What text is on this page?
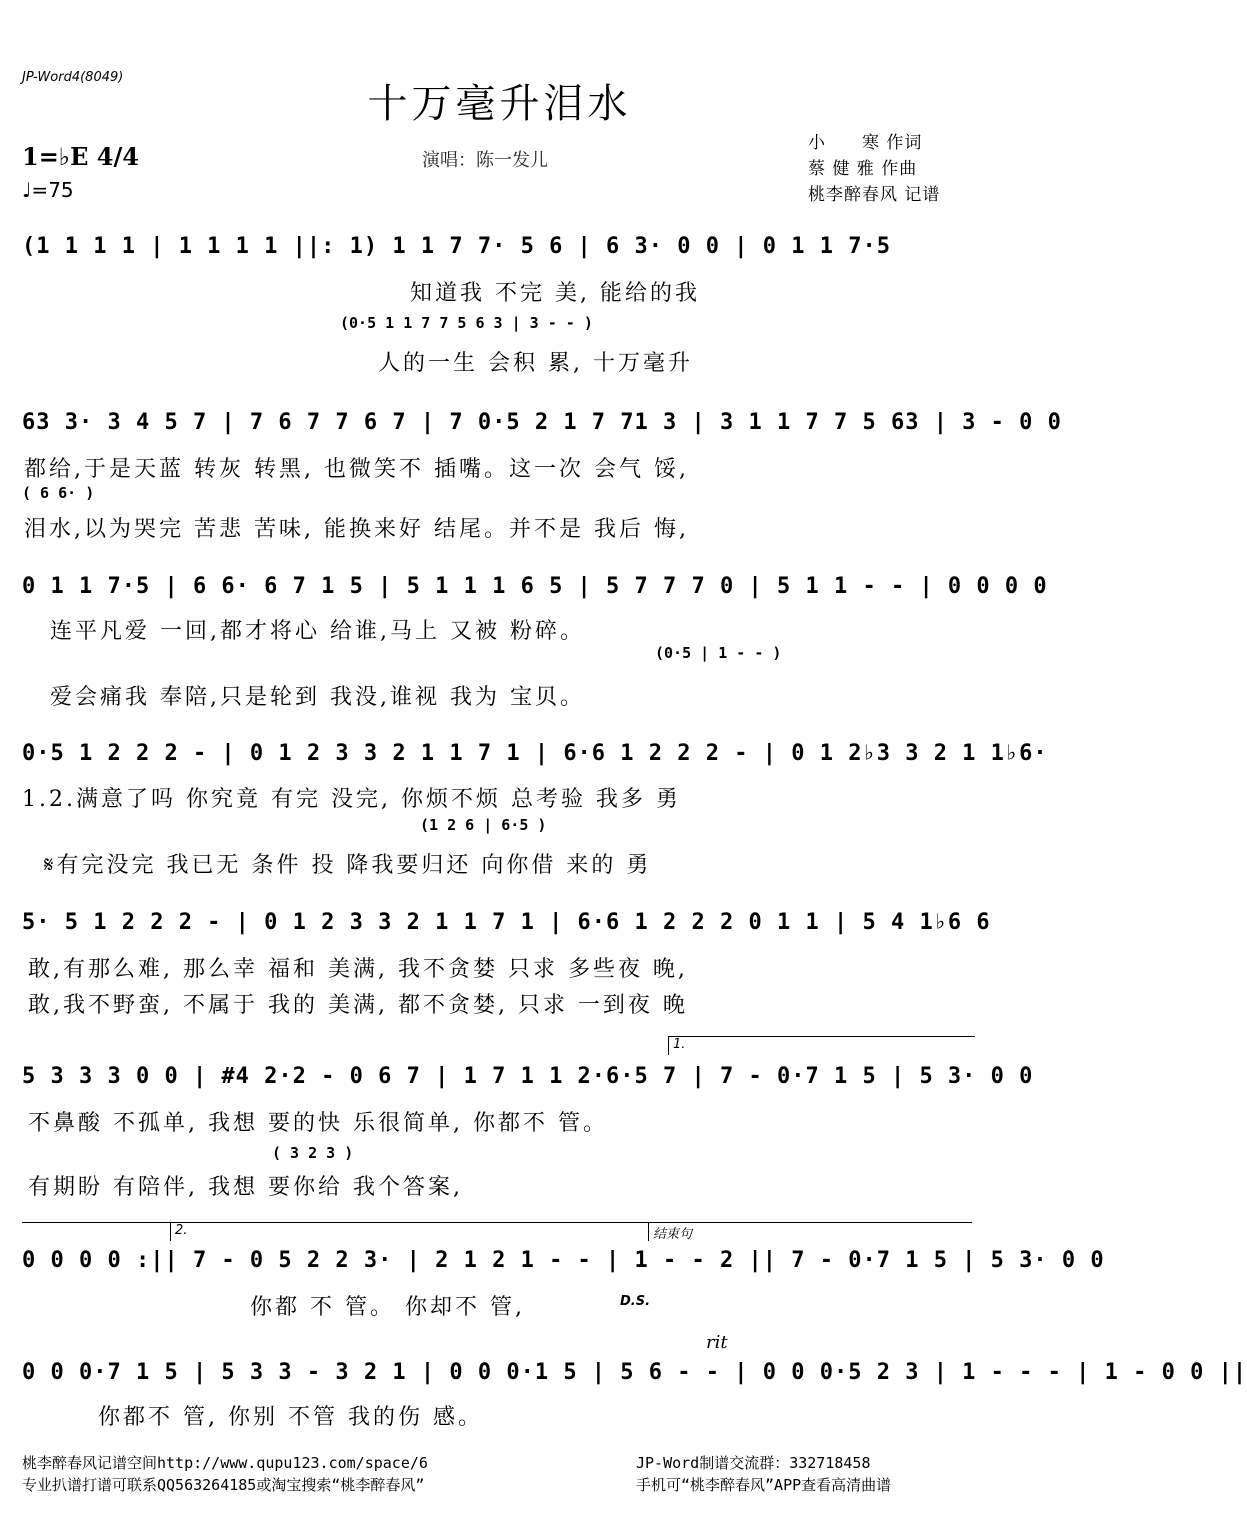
JP-Word4(8049)
十万毫升泪水
1=♭E 4/4
♩=75
演唱：陈一发儿
小　　寒 作词
蔡 健 雅 作曲
桃李醉春风 记谱
(1 1 1 1 | 1 1 1 1 ||: 1) 1 1 7 7· 5 6 | 6 3· 0 0 | 0 1 1 7·5
知道我 不完 美, 能给的我
(0·5 1 1 7 7 5 6 3 | 3 - - )
人的一生 会积 累, 十万毫升
63 3· 3 4 5 7 | 7 6 7 7 6 7 | 7 0·5 2 1 7 71 3 | 3 1 1 7 7 5 63 | 3 - 0 0
都给,于是天蓝 转灰 转黑, 也微笑不 插嘴。这一次 会气 馁,
( 6 6· )
泪水,以为哭完 苦悲 苦味, 能换来好 结尾。并不是 我后 悔,
0 1 1 7·5 | 6 6· 6 7 1 5 | 5 1 1 1 6 5 | 5 7 7 7 0 | 5 1 1 - - | 0 0 0 0
连平凡爱 一回,都才将心 给谁,马上 又被 粉碎。
(0·5 | 1 - - )
爱会痛我 奉陪,只是轮到 我没,谁视 我为 宝贝。
0·5 1 2 2 2 - | 0 1 2 3 3 2 1 1 7 1 | 6·6 1 2 2 2 - | 0 1 2♭3 3 2 1 1♭6·
1.2.满意了吗 你究竟 有完 没完, 你烦不烦 总考验 我多 勇
(1 2 6 | 6·5 )
𝄋有完没完 我已无 条件 投 降我要归还 向你借 来的 勇
5· 5 1 2 2 2 - | 0 1 2 3 3 2 1 1 7 1 | 6·6 1 2 2 2 0 1 1 | 5 4 1♭6 6
敢,有那么难, 那么幸 福和 美满, 我不贪婪 只求 多些夜 晚,
敢,我不野蛮, 不属于 我的 美满, 都不贪婪, 只求 一到夜 晚
1.
5 3 3 3 0 0 | #4 2·2 - 0 6 7 | 1 7 1 1 2·6·5 7 | 7 - 0·7 1 5 | 5 3· 0 0
不鼻酸 不孤单, 我想 要的快 乐很简单, 你都不 管。
( 3 2 3 )
有期盼 有陪伴, 我想 要你给 我个答案,
2.	结束句
0 0 0 0 :|| 7 - 0 5 2 2 3· | 2 1 2 1 - - | 1 - - 2 || 7 - 0·7 1 5 | 5 3· 0 0
你都 不 管。 你却不 管,	D.S.
rit
0 0 0·7 1 5 | 5 3 3 - 3 2 1 | 0 0 0·1 5 | 5 6 - - | 0 0 0·5 2 3 | 1 - - - | 1 - 0 0 ||
你都不 管, 你别 不管 我的伤 感。
桃李醉春风记谱空间http://www.qupu123.com/space/6
专业扒谱打谱可联系QQ563264185或淘宝搜索“桃李醉春风”
JP-Word制谱交流群：332718458
手机可“桃李醉春风”APP查看高清曲谱
